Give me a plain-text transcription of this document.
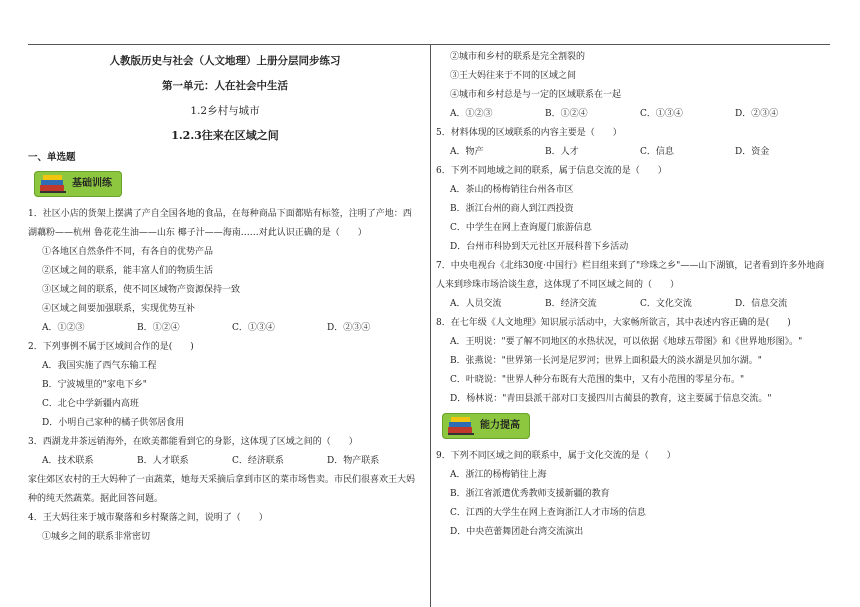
人教版历史与社会（人文地理）上册分层同步练习
第一单元：人在社会中生活
1.2乡村与城市
1.2.3往来在区域之间
一、单选题
基础训练

1．社区小店的货架上摆满了产自全国各地的食品，在每种商品下面都贴有标签，注明了产地：西

湖藕粉——杭州 鲁花花生油——山东 椰子汁——海南……对此认识正确的是（　　）

①各地区自然条件不同，有各自的优势产品

②区域之间的联系，能丰富人们的物质生活

③区域之间的联系，使不同区域物产资源保持一致

④区域之间要加强联系，实现优势互补

A．①②③	B．①②④	C．①③④	D．②③④

2．下列事例不属于区域间合作的是(　　)

A．我国实施了西气东输工程

B．宁波城里的"家电下乡"

C．北仑中学新疆内高班

D．小明自己家种的橘子供邻居食用

3．西湖龙井茶远销海外，在欧美都能看到它的身影，这体现了区域之间的（　　）

A．技术联系	B．人才联系	C．经济联系	D．物产联系

家住郊区农村的王大妈种了一亩蔬菜，她每天采摘后拿到市区的菜市场售卖。市民们很喜欢王大妈

种的纯天然蔬菜。据此回答问题。

4．王大妈往来于城市聚落和乡村聚落之间，说明了（　　）

①城乡之间的联系非常密切

②城市和乡村的联系是完全割裂的

③王大妈往来于不同的区域之间

④城市和乡村总是与一定的区域联系在一起

A．①②③	B．①②④	C．①③④	D．②③④

5．材料体现的区域联系的内容主要是（　　）

A．物产	B．人才	C．信息	D．资金

6．下列不同地域之间的联系，属于信息交流的是（　　）

A．茶山的杨梅销往台州各市区

B．浙江台州的商人到江西投资

C．中学生在网上查询厦门旅游信息

D．台州市科协到天元社区开展科普下乡活动

7．中央电视台《北纬30度·中国行》栏目组来到了"珍珠之乡"——山下湖镇，记者看到许多外地商

人来到珍珠市场洽谈生意，这体现了不同区域之间的（　　）

A．人员交流	B．经济交流	C．文化交流	D．信息交流

8．在七年级《人文地理》知识展示活动中，大家畅所欲言，其中表述内容正确的是(　　)

A．王明说："要了解不同地区的水热状况，可以依据《地球五带图》和《世界地形图》。"

B．张燕说："世界第一长河是尼罗河；世界上面积最大的淡水湖是贝加尔湖。"

C．叶晓说："世界人种分布既有大范围的集中，又有小范围的零星分布。"

D．杨林说："青田县派干部对口支援四川古蔺县的教育，这主要属于信息交流。"

能力提高

9．下列不同区域之间的联系中，属于文化交流的是（　　）

A．浙江的杨梅销往上海

B．浙江省派遣优秀教师支援新疆的教育

C．江西的大学生在网上查询浙江人才市场的信息

D．中央芭蕾舞团赴台湾交流演出
